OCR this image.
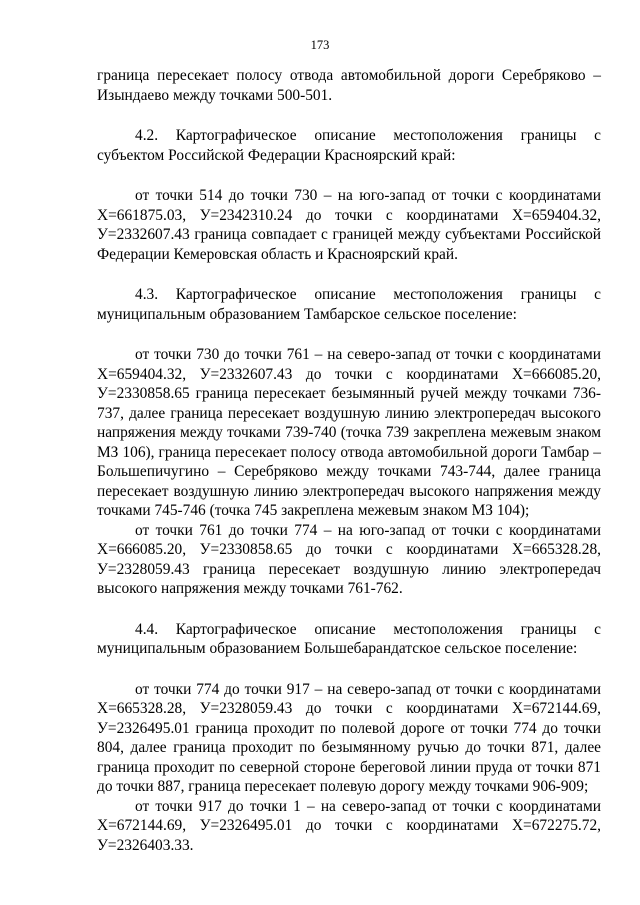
173

граница пересекает полосу отвода автомобильной дороги Серебряково – Изындаево между точками 500-501.

4.2. Картографическое описание местоположения границы с субъектом Российской Федерации Красноярский край:

от точки 514 до точки 730 – на юго-запад от точки с координатами Х=661875.03, У=2342310.24 до точки с координатами Х=659404.32, У=2332607.43 граница совпадает с границей между субъектами Российской Федерации Кемеровская область и Красноярский край.

4.3. Картографическое описание местоположения границы с муниципальным образованием Тамбарское сельское поселение:

от точки 730 до точки 761 – на северо-запад от точки с координатами Х=659404.32, У=2332607.43 до точки с координатами Х=666085.20, У=2330858.65 граница пересекает безымянный ручей между точками 736-737, далее граница пересекает воздушную линию электропередач высокого напряжения между точками 739-740 (точка 739 закреплена межевым знаком МЗ 106), граница пересекает полосу отвода автомобильной дороги Тамбар – Большепичугино – Серебряково между точками 743-744, далее граница пересекает воздушную линию электропередач высокого напряжения между точками 745-746 (точка 745 закреплена межевым знаком МЗ 104);

от точки 761 до точки 774 – на юго-запад от точки с координатами Х=666085.20, У=2330858.65 до точки с координатами Х=665328.28, У=2328059.43 граница пересекает воздушную линию электропередач высокого напряжения между точками 761-762.

4.4. Картографическое описание местоположения границы с муниципальным образованием Большебарандатское сельское поселение:

от точки 774 до точки 917 – на северо-запад от точки с координатами Х=665328.28, У=2328059.43 до точки с координатами Х=672144.69, У=2326495.01 граница проходит по полевой дороге от точки 774 до точки 804, далее граница проходит по безымянному ручью до точки 871, далее граница проходит по северной стороне береговой линии пруда от точки 871 до точки 887, граница пересекает полевую дорогу между точками 906-909;

от точки 917 до точки 1 – на северо-запад от точки с координатами Х=672144.69, У=2326495.01 до точки с координатами Х=672275.72, У=2326403.33.
